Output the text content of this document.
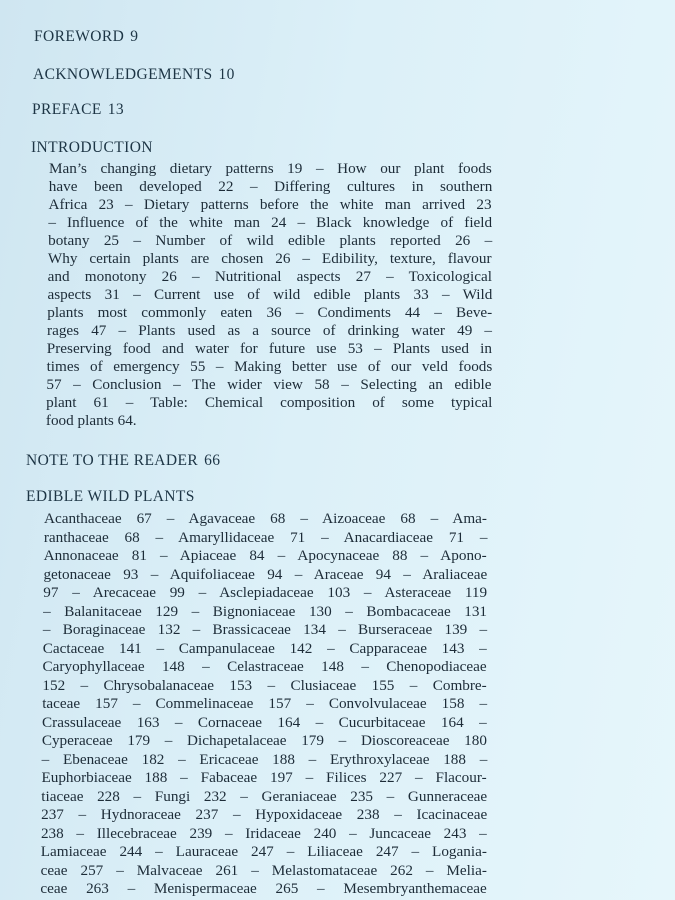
FOREWORD 9
ACKNOWLEDGEMENTS 10
PREFACE 13
INTRODUCTION
Man’s changing dietary patterns 19 – How our plant foods
have been developed 22 – Differing cultures in southern
Africa 23 – Dietary patterns before the white man arrived 23
– Influence of the white man 24 – Black knowledge of field
botany 25 – Number of wild edible plants reported 26 –
Why certain plants are chosen 26 – Edibility, texture, flavour
and monotony 26 – Nutritional aspects 27 – Toxicological
aspects 31 – Current use of wild edible plants 33 – Wild
plants most commonly eaten 36 – Condiments 44 – Beve-
rages 47 – Plants used as a source of drinking water 49 –
Preserving food and water for future use 53 – Plants used in
times of emergency 55 – Making better use of our veld foods
57 – Conclusion – The wider view 58 – Selecting an edible
plant 61 – Table: Chemical composition of some typical
food plants 64.
NOTE TO THE READER 66
EDIBLE WILD PLANTS
Acanthaceae 67 – Agavaceae 68 – Aizoaceae 68 – Ama-
ranthaceae 68 – Amaryllidaceae 71 – Anacardiaceae 71 –
Annonaceae 81 – Apiaceae 84 – Apocynaceae 88 – Apono-
getonaceae 93 – Aquifoliaceae 94 – Araceae 94 – Araliaceae
97 – Arecaceae 99 – Asclepiadaceae 103 – Asteraceae 119
– Balanitaceae 129 – Bignoniaceae 130 – Bombacaceae 131
– Boraginaceae 132 – Brassicaceae 134 – Burseraceae 139 –
Cactaceae 141 – Campanulaceae 142 – Capparaceae 143 –
Caryophyllaceae 148 – Celastraceae 148 – Chenopodiaceae
152 – Chrysobalanaceae 153 – Clusiaceae 155 – Combre-
taceae 157 – Commelinaceae 157 – Convolvulaceae 158 –
Crassulaceae 163 – Cornaceae 164 – Cucurbitaceae 164 –
Cyperaceae 179 – Dichapetalaceae 179 – Dioscoreaceae 180
– Ebenaceae 182 – Ericaceae 188 – Erythroxylaceae 188 –
Euphorbiaceae 188 – Fabaceae 197 – Filices 227 – Flacour-
tiaceae 228 – Fungi 232 – Geraniaceae 235 – Gunneraceae
237 – Hydnoraceae 237 – Hypoxidaceae 238 – Icacinaceae
238 – Illecebraceae 239 – Iridaceae 240 – Juncaceae 243 –
Lamiaceae 244 – Lauraceae 247 – Liliaceae 247 – Logania-
ceae 257 – Malvaceae 261 – Melastomataceae 262 – Melia-
ceae 263 – Menispermaceae 265 – Mesembryanthemaceae
